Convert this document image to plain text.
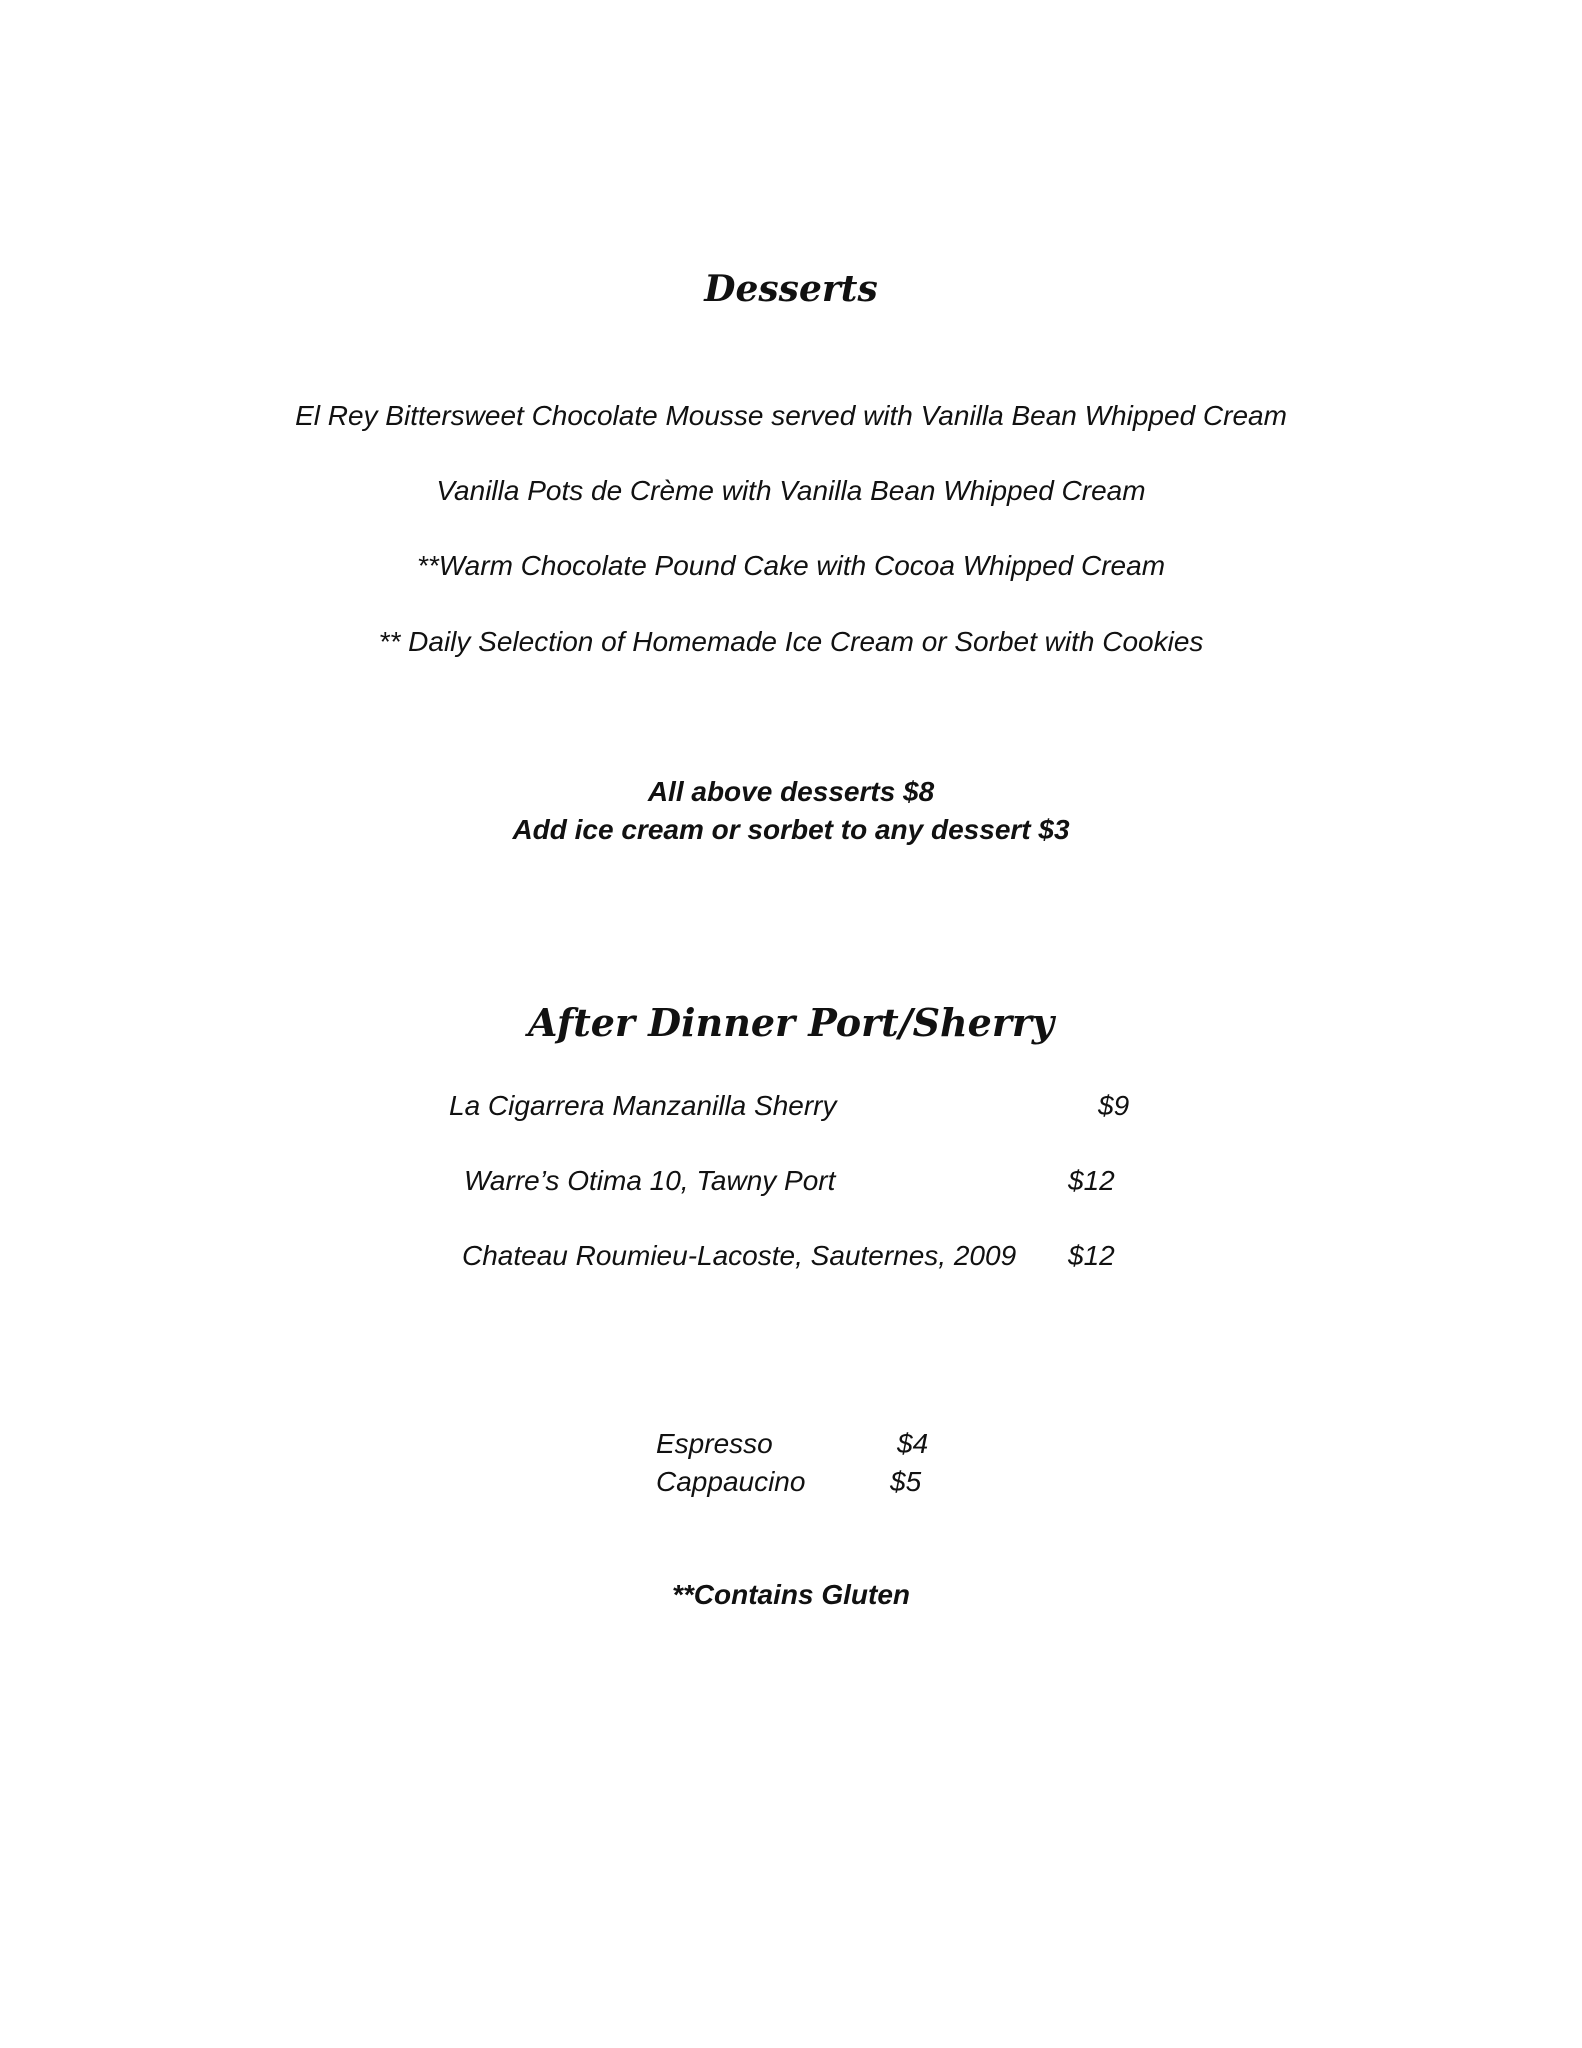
Desserts
El Rey Bittersweet Chocolate Mousse served with Vanilla Bean Whipped Cream
Vanilla Pots de Crème with Vanilla Bean Whipped Cream
**Warm Chocolate Pound Cake with Cocoa Whipped Cream
** Daily Selection of Homemade Ice Cream or Sorbet with Cookies
All above desserts $8
Add ice cream or sorbet to any dessert $3
After Dinner Port/Sherry
La Cigarrera Manzanilla Sherry	$9
Warre’s Otima 10, Tawny Port	$12
Chateau Roumieu-Lacoste, Sauternes, 2009 $12
Espresso	$4
Cappaucino	$5
**Contains Gluten
